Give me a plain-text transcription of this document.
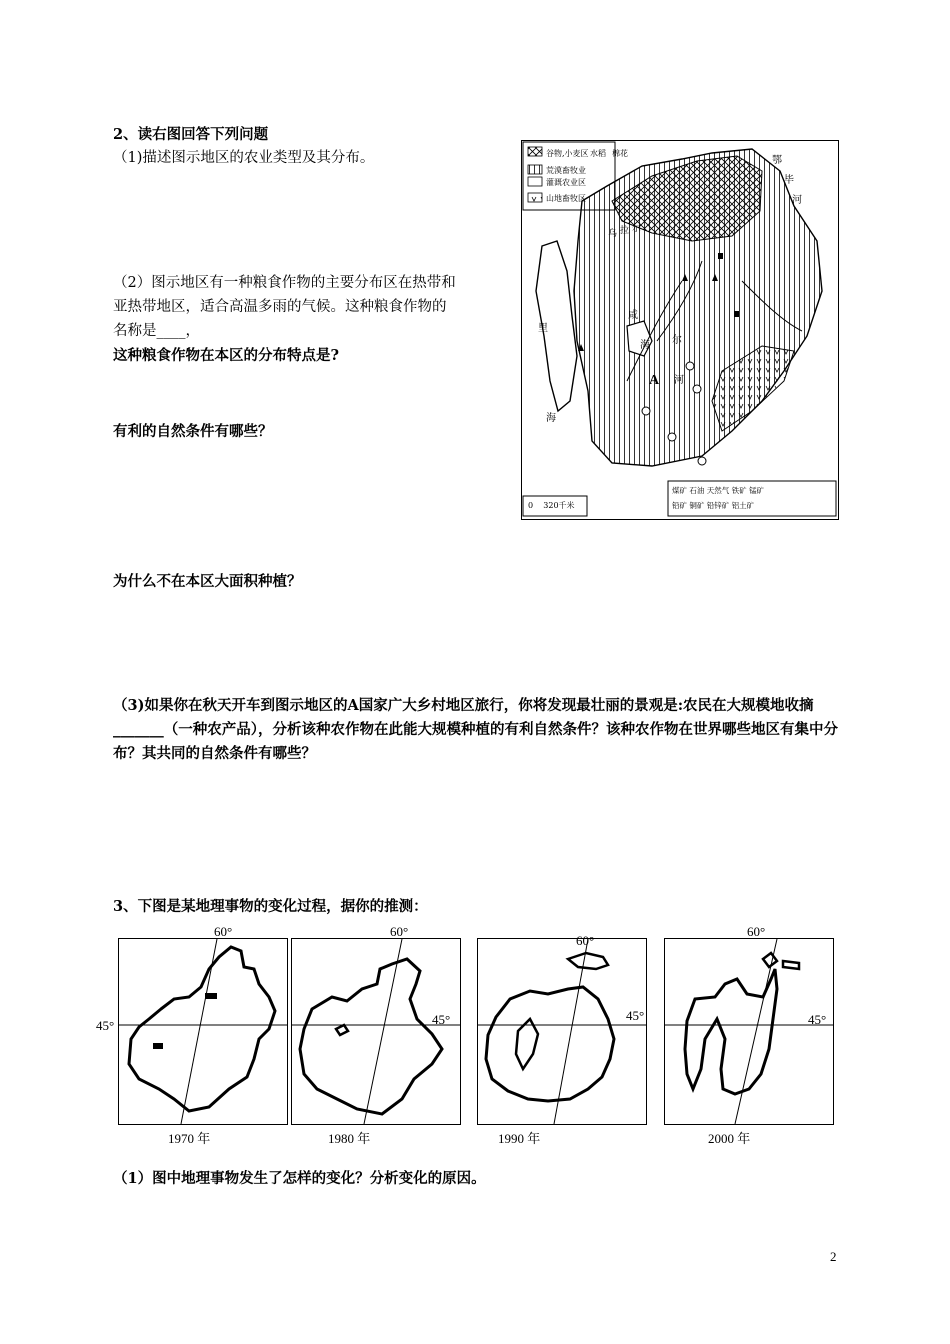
2、读右图回答下列问题
（1)描述图示地区的农业类型及其分布。
（2）图示地区有一种粮食作物的主要分布区在热带和
亚热带地区，适合高温多雨的气候。这种粮食作物的
名称是____，
这种粮食作物在本区的分布特点是?
有利的自然条件有哪些？
为什么不在本区大面积种植？
（3)如果你在秋天开车到图示地区的A国家广大乡村地区旅行，你将发现最壮丽的景观是:农民在大规模地收摘_______（一种农产品），分析该种农作物在此能大规模种植的有利自然条件？该种农作物在世界哪些地区有集中分布？其共同的自然条件有哪些？
谷物,小麦区 水稻 棉花
荒漠畜牧业
灌溉农业区
山地畜牧区
鄂
毕
河
里
海
咸
海 尔
河
乌 拉 尔
A
煤矿 石油 天然气 铁矿 锰矿
铅矿 铜矿 铅锌矿 铝土矿
0    320千米
3、下图是某地理事物的变化过程，据你的推测：
60°
45°
1970 年
60°
45°
1980 年
60°
45°
1990 年
60°
45°
2000 年
（1）图中地理事物发生了怎样的变化？分析变化的原因。
2
